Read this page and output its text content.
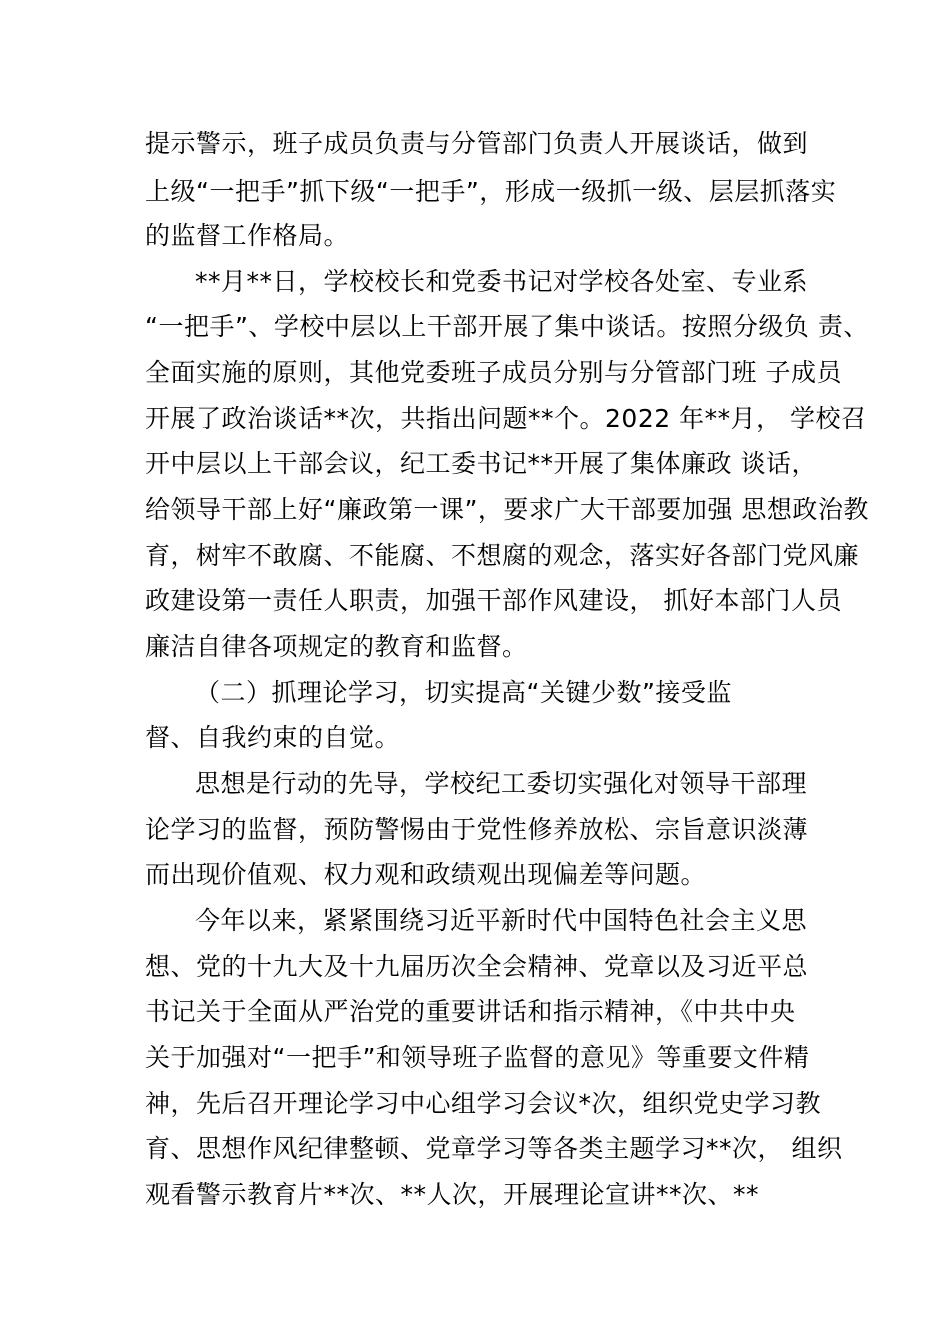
提示警示，班子成员负责与分管部门负责人开展谈话，做到
上级“一把手”抓下级“一把手”，形成一级抓一级、层层抓落实
的监督工作格局。
**月**日，学校校长和党委书记对学校各处室、专业系
“一把手”、学校中层以上干部开展了集中谈话。按照分级负 责、
全面实施的原则，其他党委班子成员分别与分管部门班 子成员
开展了政治谈话**次，共指出问题**个。2022 年**月， 学校召
开中层以上干部会议，纪工委书记**开展了集体廉政 谈话，
给领导干部上好“廉政第一课”，要求广大干部要加强 思想政治教
育，树牢不敢腐、不能腐、不想腐的观念，落实好各部门党风廉
政建设第一责任人职责，加强干部作风建设， 抓好本部门人员
廉洁自律各项规定的教育和监督。
（二）抓理论学习，切实提高“关键少数”接受监
督、自我约束的自觉。
思想是行动的先导，学校纪工委切实强化对领导干部理
论学习的监督，预防警惕由于党性修养放松、宗旨意识淡薄
而出现价值观、权力观和政绩观出现偏差等问题。
今年以来，紧紧围绕习近平新时代中国特色社会主义思
想、党的十九大及十九届历次全会精神、党章以及习近平总
书记关于全面从严治党的重要讲话和指示精神，《中共中央
关于加强对“一把手”和领导班子监督的意见》等重要文件精
神，先后召开理论学习中心组学习会议*次，组织党史学习教
育、思想作风纪律整顿、党章学习等各类主题学习**次， 组织
观看警示教育片**次、**人次，开展理论宣讲**次、**
